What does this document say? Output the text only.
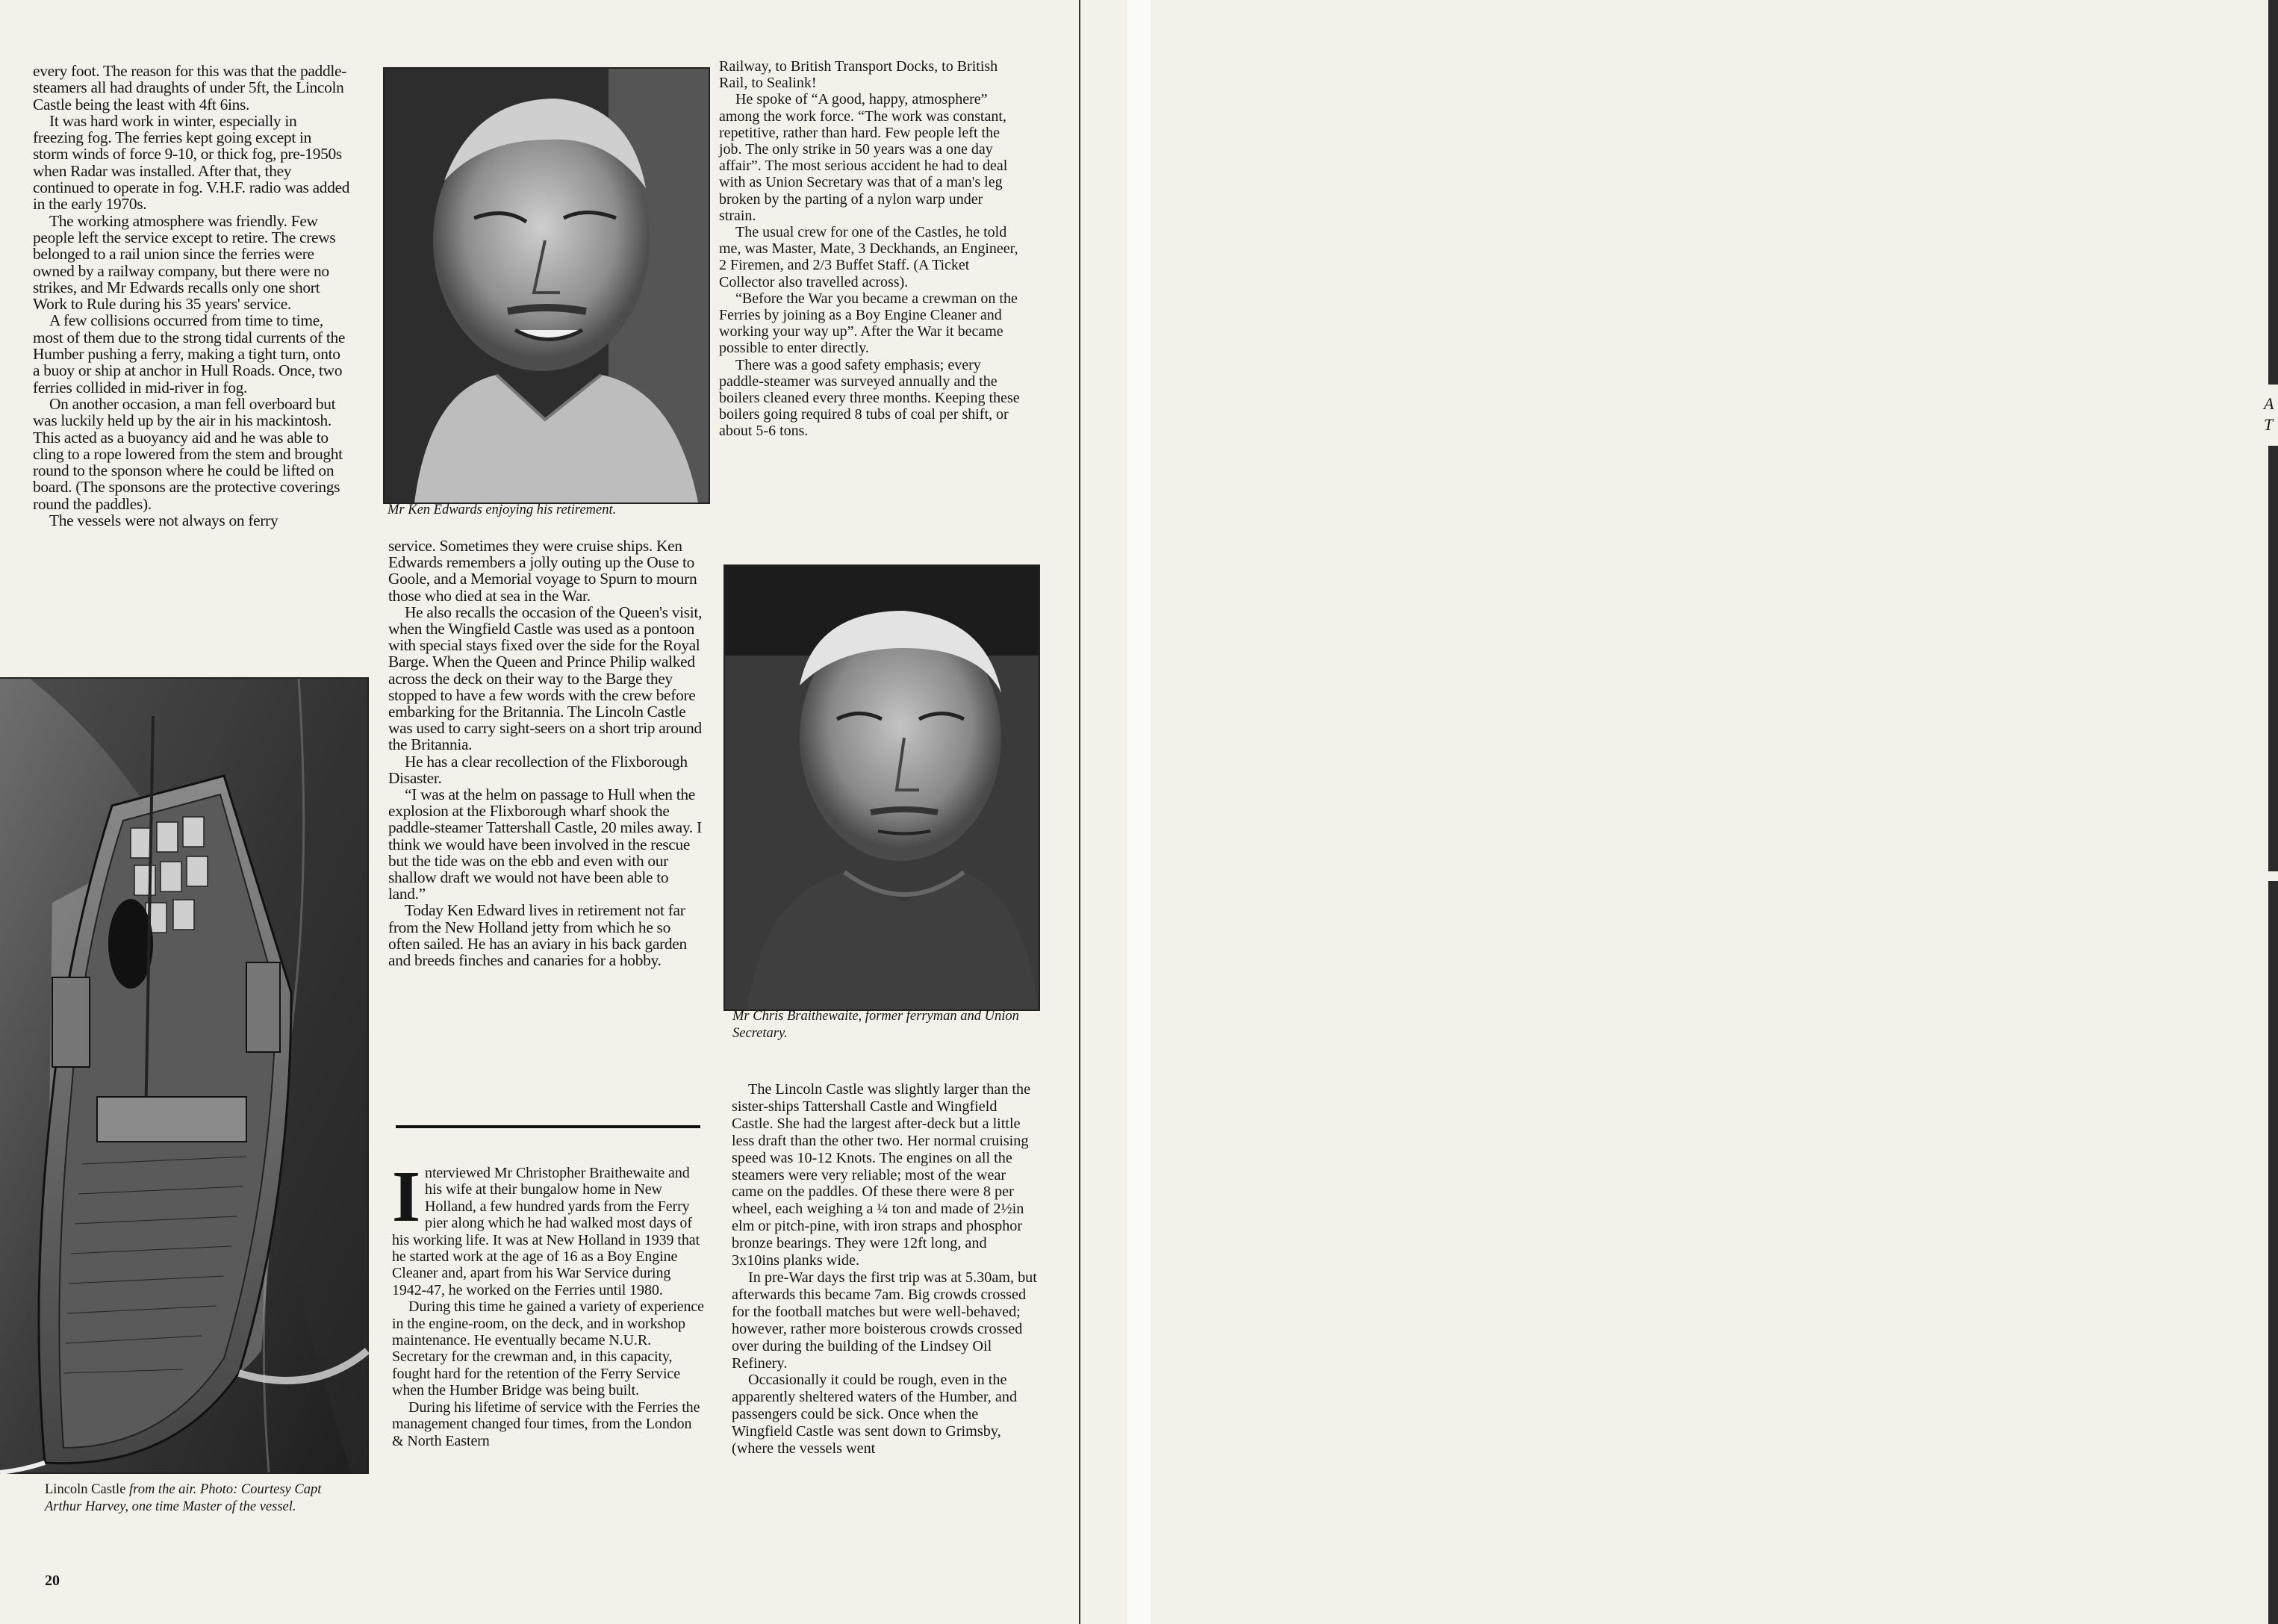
every foot. The reason for this was that the paddle-steamers all had draughts of under 5ft, the Lincoln Castle being the least with 4ft 6ins.

It was hard work in winter, especially in freezing fog. The ferries kept going except in storm winds of force 9-10, or thick fog, pre-1950s when Radar was installed. After that, they continued to operate in fog. V.H.F. radio was added in the early 1970s.

The working atmosphere was friendly. Few people left the service except to retire. The crews belonged to a rail union since the ferries were owned by a railway company, but there were no strikes, and Mr Edwards recalls only one short Work to Rule during his 35 years' service.

A few collisions occurred from time to time, most of them due to the strong tidal currents of the Humber pushing a ferry, making a tight turn, onto a buoy or ship at anchor in Hull Roads. Once, two ferries collided in mid-river in fog.

On another occasion, a man fell overboard but was luckily held up by the air in his mackintosh. This acted as a buoyancy aid and he was able to cling to a rope lowered from the stem and brought round to the sponson where he could be lifted on board. (The sponsons are the protective coverings round the paddles).

The vessels were not always on ferry

Lincoln Castle from the air. Photo: Courtesy Capt Arthur Harvey, one time Master of the vessel.
Mr Ken Edwards enjoying his retirement.

service. Sometimes they were cruise ships. Ken Edwards remembers a jolly outing up the Ouse to Goole, and a Memorial voyage to Spurn to mourn those who died at sea in the War.

He also recalls the occasion of the Queen's visit, when the Wingfield Castle was used as a pontoon with special stays fixed over the side for the Royal Barge. When the Queen and Prince Philip walked across the deck on their way to the Barge they stopped to have a few words with the crew before embarking for the Britannia. The Lincoln Castle was used to carry sight-seers on a short trip around the Britannia.

He has a clear recollection of the Flixborough Disaster.

“I was at the helm on passage to Hull when the explosion at the Flixborough wharf shook the paddle-steamer Tattershall Castle, 20 miles away. I think we would have been involved in the rescue but the tide was on the ebb and even with our shallow draft we would not have been able to land.”

Today Ken Edward lives in retirement not far from the New Holland jetty from which he so often sailed. He has an aviary in his back garden and breeds finches and canaries for a hobby.

I nterviewed Mr Christopher Braithewaite and his wife at their bungalow home in New Holland, a few hundred yards from the Ferry pier along which he had walked most days of his working life. It was at New Holland in 1939 that he started work at the age of 16 as a Boy Engine Cleaner and, apart from his War Service during 1942-47, he worked on the Ferries until 1980.

During this time he gained a variety of experience in the engine-room, on the deck, and in workshop maintenance. He eventually became N.U.R. Secretary for the crewman and, in this capacity, fought hard for the retention of the Ferry Service when the Humber Bridge was being built.

During his lifetime of service with the Ferries the management changed four times, from the London & North Eastern

Railway, to British Transport Docks, to British Rail, to Sealink!

He spoke of “A good, happy, atmosphere” among the work force. “The work was constant, repetitive, rather than hard. Few people left the job. The only strike in 50 years was a one day affair”. The most serious accident he had to deal with as Union Secretary was that of a man's leg broken by the parting of a nylon warp under strain.

The usual crew for one of the Castles, he told me, was Master, Mate, 3 Deckhands, an Engineer, 2 Firemen, and 2/3 Buffet Staff. (A Ticket Collector also travelled across).

“Before the War you became a crewman on the Ferries by joining as a Boy Engine Cleaner and working your way up”. After the War it became possible to enter directly.

There was a good safety emphasis; every paddle-steamer was surveyed annually and the boilers cleaned every three months. Keeping these boilers going required 8 tubs of coal per shift, or about 5-6 tons.

Mr Chris Braithewaite, former ferryman and Union Secretary.

The Lincoln Castle was slightly larger than the sister-ships Tattershall Castle and Wingfield Castle. She had the largest after-deck but a little less draft than the other two. Her normal cruising speed was 10-12 Knots. The engines on all the steamers were very reliable; most of the wear came on the paddles. Of these there were 8 per wheel, each weighing a ¼ ton and made of 2½in elm or pitch-pine, with iron straps and phosphor bronze bearings. They were 12ft long, and 3x10ins planks wide.

In pre-War days the first trip was at 5.30am, but afterwards this became 7am. Big crowds crossed for the football matches but were well-behaved; however, rather more boisterous crowds crossed over during the building of the Lindsey Oil Refinery.

Occasionally it could be rough, even in the apparently sheltered waters of the Humber, and passengers could be sick. Once when the Wingfield Castle was sent down to Grimsby, (where the vessels went

20
A
T
